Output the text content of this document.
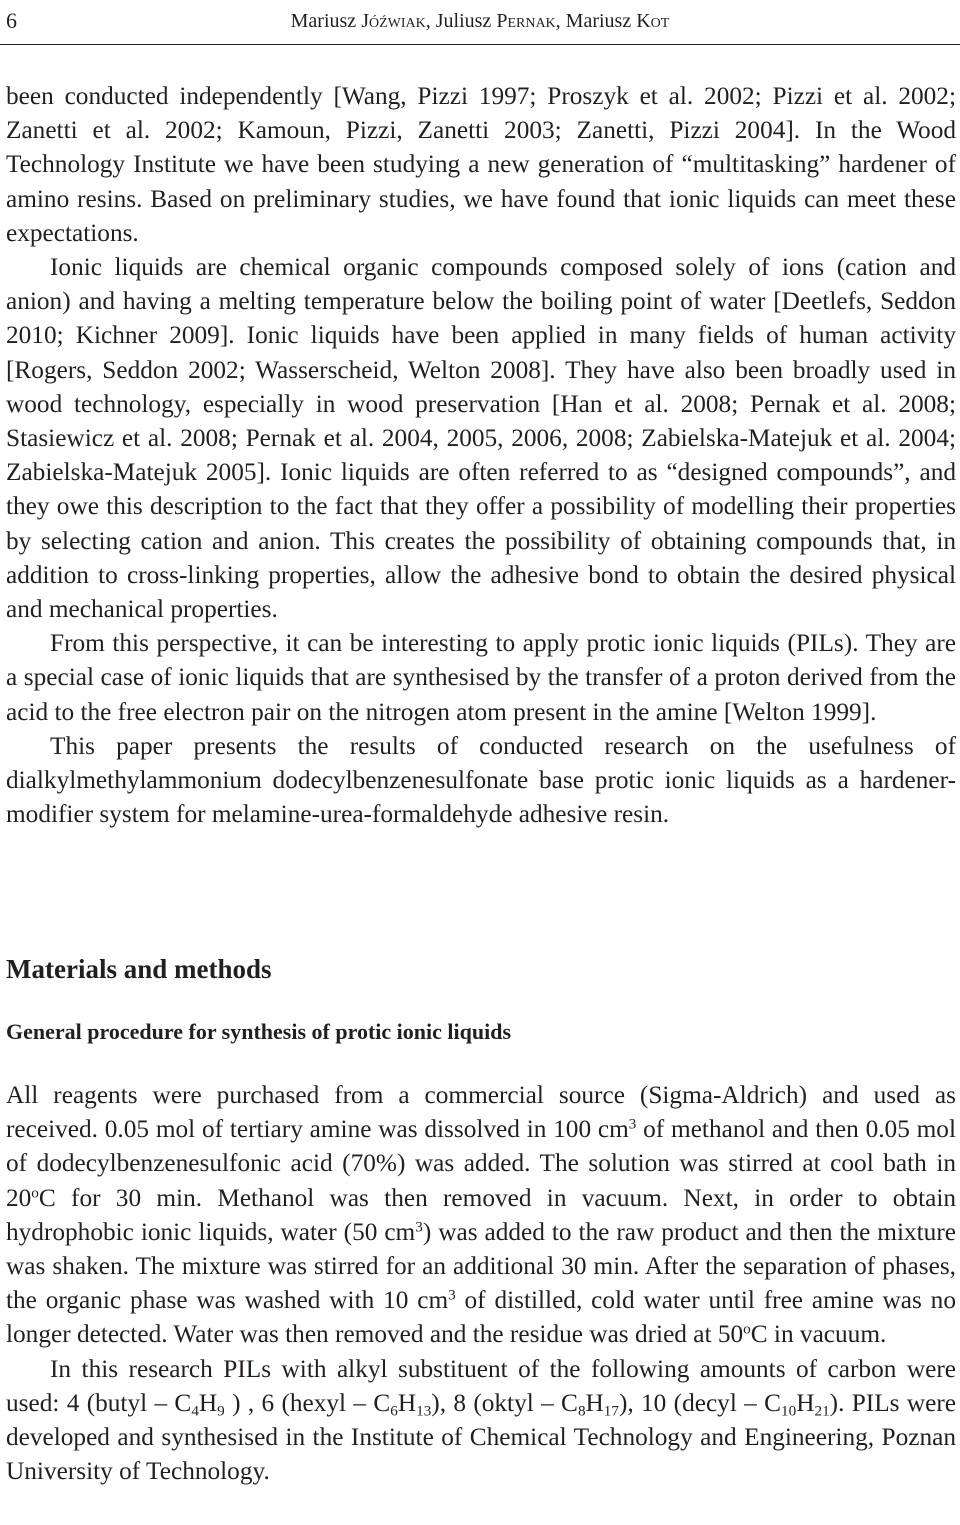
6	Mariusz Jóźwiak, Juliusz Pernak, Mariusz Kot

been conducted independently [Wang, Pizzi 1997; Proszyk et al. 2002; Pizzi et al. 2002; Zanetti et al. 2002; Kamoun, Pizzi, Zanetti 2003; Zanetti, Pizzi 2004]. In the Wood Technology Institute we have been studying a new generation of “multitasking” hardener of amino resins. Based on preliminary studies, we have found that ionic liquids can meet these expectations.

Ionic liquids are chemical organic compounds composed solely of ions (cation and anion) and having a melting temperature below the boiling point of water [Deetlefs, Seddon 2010; Kichner 2009]. Ionic liquids have been applied in many fields of human activity [Rogers, Seddon 2002; Wasserscheid, Welton 2008]. They have also been broadly used in wood technology, especially in wood preservation [Han et al. 2008; Pernak et al. 2008; Stasiewicz et al. 2008; Pernak et al. 2004, 2005, 2006, 2008; Zabielska-Matejuk et al. 2004; Zabielska-Matejuk 2005]. Ionic liquids are often referred to as “designed compounds”, and they owe this description to the fact that they offer a possibility of modelling their properties by selecting cation and anion. This creates the possibility of obtaining compounds that, in addition to cross-linking properties, allow the adhesive bond to obtain the desired physical and mechanical properties.

From this perspective, it can be interesting to apply protic ionic liquids (PILs). They are a special case of ionic liquids that are synthesised by the transfer of a proton derived from the acid to the free electron pair on the nitrogen atom present in the amine [Welton 1999].

This paper presents the results of conducted research on the usefulness of dialkylmethylammonium dodecylbenzenesulfonate base protic ionic liquids as a hardener-modifier system for melamine-urea-formaldehyde adhesive resin.

Materials and methods
General procedure for synthesis of protic ionic liquids

All reagents were purchased from a commercial source (Sigma-Aldrich) and used as received. 0.05 mol of tertiary amine was dissolved in 100 $cm^3$ of methanol and then 0.05 mol of dodecylbenzenesulfonic acid (70%) was added. The solution was stirred at cool bath in 20$^o$C for 30 min. Methanol was then removed in vacuum. Next, in order to obtain hydrophobic ionic liquids, water (50 $cm^3$) was added to the raw product and then the mixture was shaken. The mixture was stirred for an additional 30 min. After the separation of phases, the organic phase was washed with 10 $cm^3$ of distilled, cold water until free amine was no longer detected. Water was then removed and the residue was dried at 50$^o$C in vacuum.

In this research PILs with alkyl substituent of the following amounts of carbon were used: 4 (butyl – $C_4H_9$ ) , 6 (hexyl – $C_6H_{13}$), 8 (oktyl – $C_8H_{17}$), 10 (decyl – $C_{10}H_{21}$). PILs were developed and synthesised in the Institute of Chemical Technology and Engineering, Poznan University of Technology.
